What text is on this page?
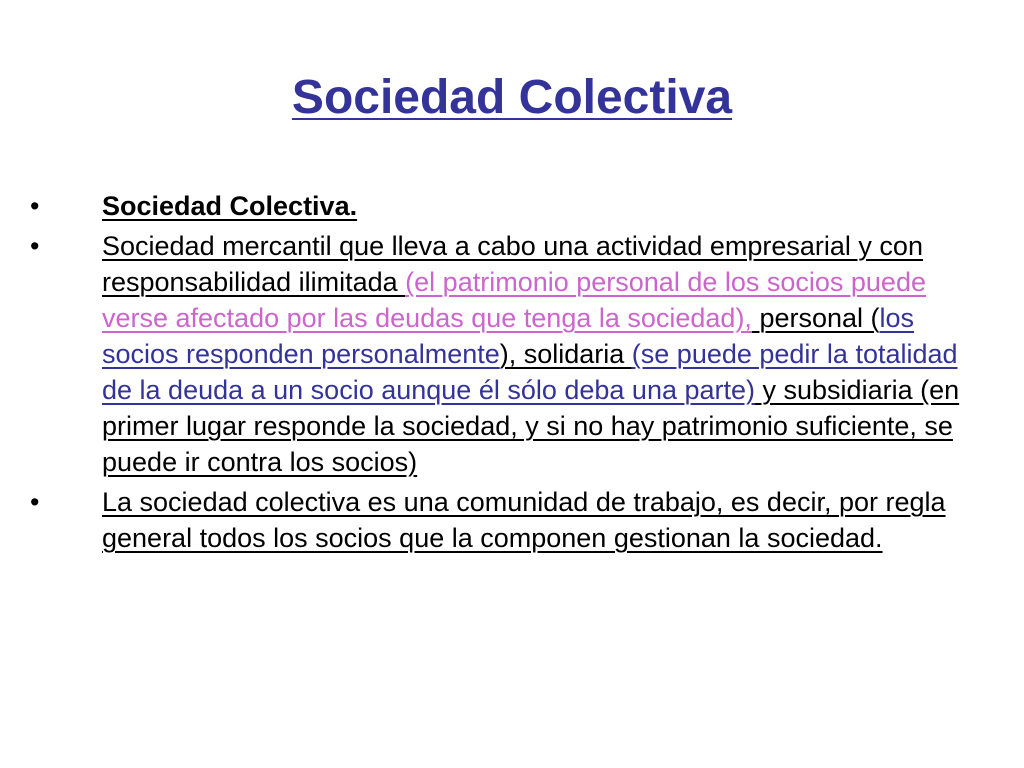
Sociedad Colectiva
•	Sociedad Colectiva.
•	Sociedad mercantil que lleva a cabo una actividad empresarial y con responsabilidad ilimitada (el patrimonio personal de los socios puede verse afectado por las deudas que tenga la sociedad), personal (los socios responden personalmente), solidaria (se puede pedir la totalidad de la deuda a un socio aunque él sólo deba una parte) y subsidiaria (en primer lugar responde la sociedad, y si no hay patrimonio suficiente, se puede ir contra los socios)
•	La sociedad colectiva es una comunidad de trabajo, es decir, por regla general todos los socios que la componen gestionan la sociedad.
